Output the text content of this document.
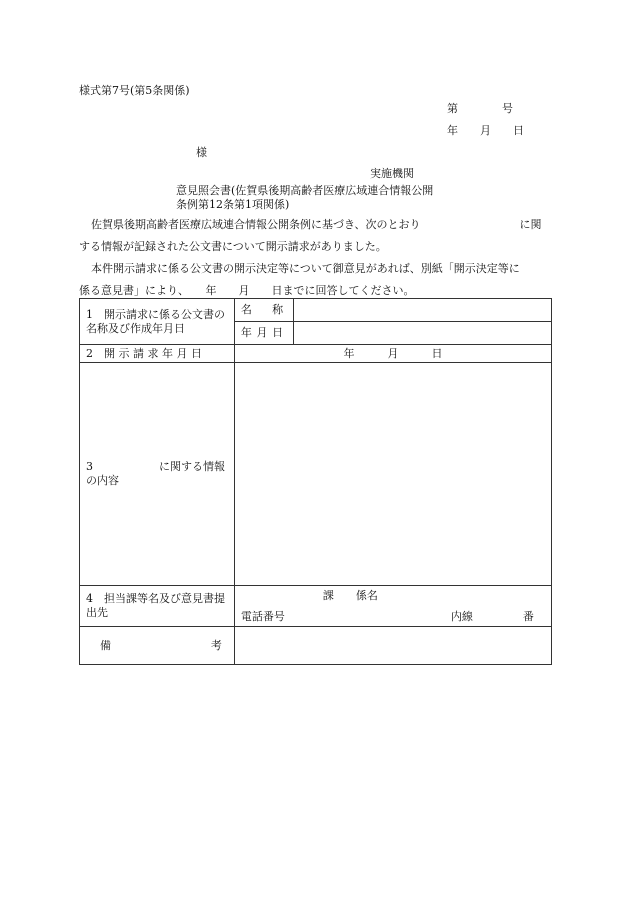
様式第7号(第5条関係)
第　　　　号
年　　月　　日
様
実施機関
意見照会書(佐賀県後期高齢者医療広域連合情報公開
条例第12条第1項関係)
佐賀県後期高齢者医療広域連合情報公開条例に基づき、次のとおり　　　　　　　　　に関
する情報が記録された公文書について開示請求がありました。
本件開示請求に係る公文書の開示決定等について御意見があれば、別紙「開示決定等に
係る意見書」により、　　年　　月　　日までに回答してください。
1　開示請求に係る公文書の名称及び作成年月日	名 称	

	年 月 日	

2　開 示 請 求 年 月 日	年　　　月　　　日	
3　　　　　　に関する情報の内容		
4　担当課等名及び意見書提出先	課　　係名
電話番号 内線 番	

備 考		
